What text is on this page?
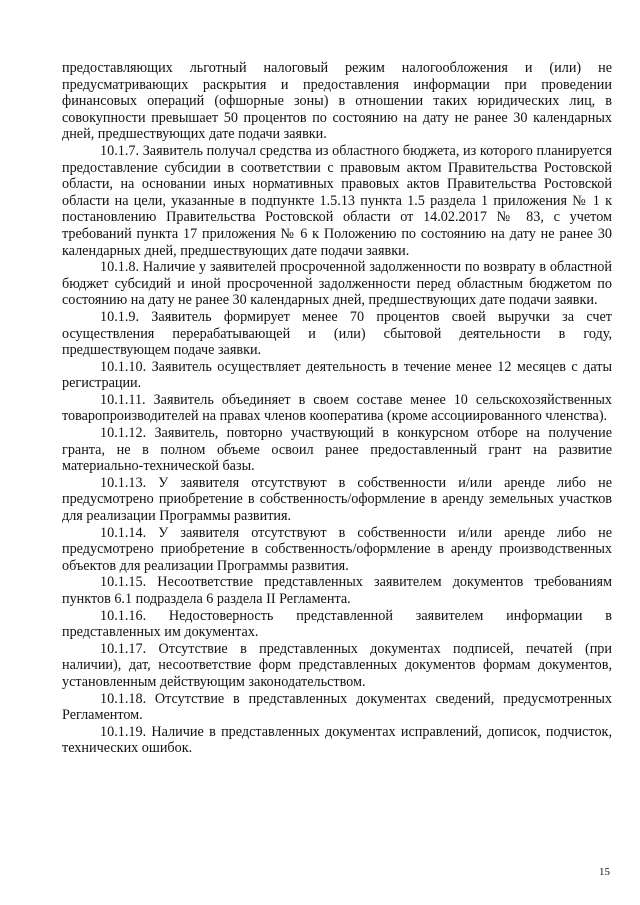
предоставляющих льготный налоговый режим налогообложения и (или) не предусматривающих раскрытия и предоставления информации при проведении финансовых операций (офшорные зоны) в отношении таких юридических лиц, в совокупности превышает 50 процентов по состоянию на дату не ранее 30 календарных дней, предшествующих дате подачи заявки.

10.1.7. Заявитель получал средства из областного бюджета, из которого планируется предоставление субсидии в соответствии с правовым актом Правительства Ростовской области, на основании иных нормативных правовых актов Правительства Ростовской области на цели, указанные в подпункте 1.5.13 пункта 1.5 раздела 1 приложения № 1 к постановлению Правительства Ростовской области от 14.02.2017 № 83, с учетом требований пункта 17 приложения № 6 к Положению по состоянию на дату не ранее 30 календарных дней, предшествующих дате подачи заявки.

10.1.8. Наличие у заявителей просроченной задолженности по возврату в областной бюджет субсидий и иной просроченной задолженности перед областным бюджетом по состоянию на дату не ранее 30 календарных дней, предшествующих дате подачи заявки.

10.1.9. Заявитель формирует менее 70 процентов своей выручки за счет осуществления перерабатывающей и (или) сбытовой деятельности в году, предшествующем подаче заявки.

10.1.10. Заявитель осуществляет деятельность в течение менее 12 месяцев с даты регистрации.

10.1.11. Заявитель объединяет в своем составе менее 10 сельскохозяйственных товаропроизводителей на правах членов кооператива (кроме ассоциированного членства).

10.1.12. Заявитель, повторно участвующий в конкурсном отборе на получение гранта, не в полном объеме освоил ранее предоставленный грант на развитие материально-технической базы.

10.1.13. У заявителя отсутствуют в собственности и/или аренде либо не предусмотрено приобретение в собственность/оформление в аренду земельных участков для реализации Программы развития.

10.1.14. У заявителя отсутствуют в собственности и/или аренде либо не предусмотрено приобретение в собственность/оформление в аренду производственных объектов для реализации Программы развития.

10.1.15. Несоответствие представленных заявителем документов требованиям пунктов 6.1 подраздела 6 раздела II Регламента.

10.1.16. Недостоверность представленной заявителем информации в представленных им документах.

10.1.17. Отсутствие в представленных документах подписей, печатей (при наличии), дат, несоответствие форм представленных документов формам документов, установленным действующим законодательством.

10.1.18. Отсутствие в представленных документах сведений, предусмотренных Регламентом.

10.1.19. Наличие в представленных документах исправлений, дописок, подчисток, технических ошибок.

15
